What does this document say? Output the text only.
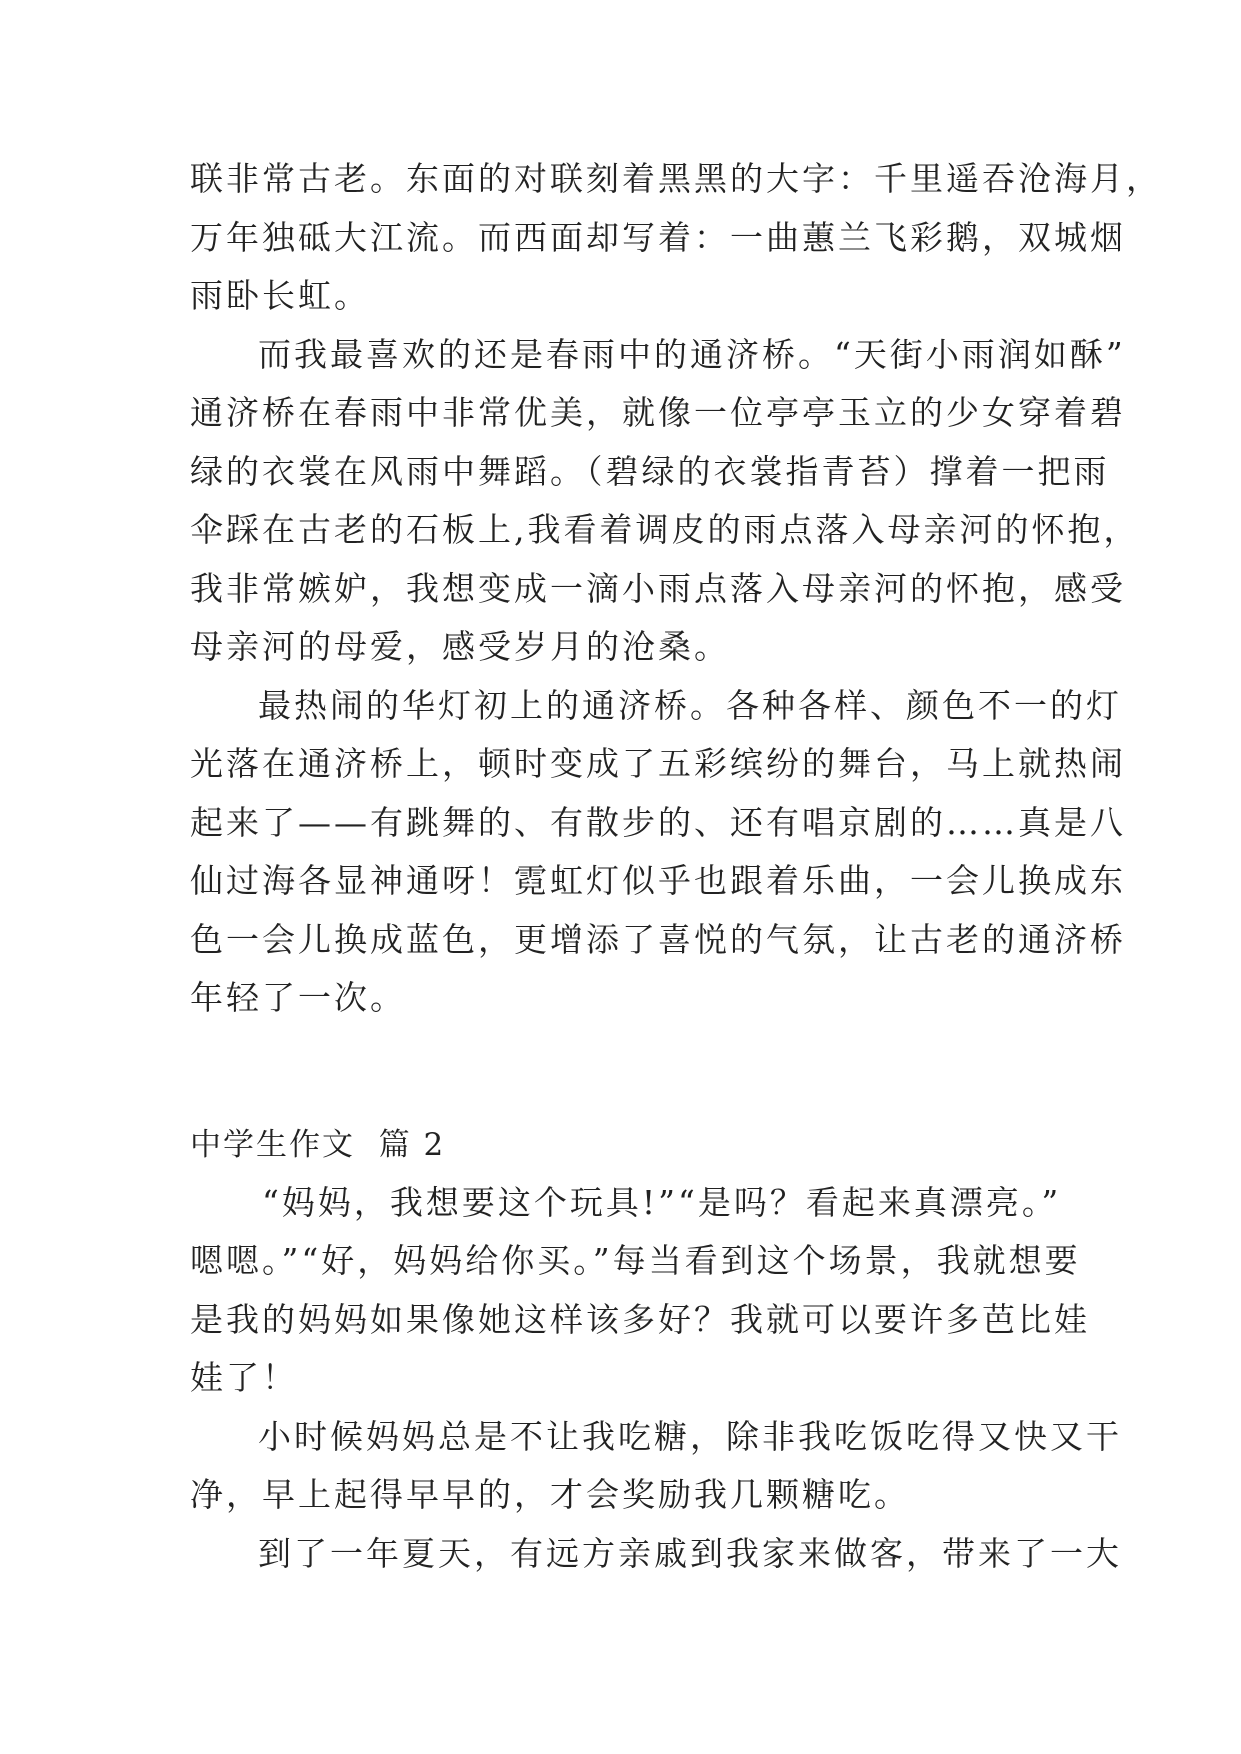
联非常古老。东面的对联刻着黑黑的大字：千里遥吞沧海月，
万年独砥大江流。而西面却写着：一曲蕙兰飞彩鹅，双城烟
雨卧长虹。
而我最喜欢的还是春雨中的通济桥。“天街小雨润如酥”
通济桥在春雨中非常优美，就像一位亭亭玉立的少女穿着碧
绿的衣裳在风雨中舞蹈。（碧绿的衣裳指青苔）撑着一把雨
伞踩在古老的石板上,我看着调皮的雨点落入母亲河的怀抱，
我非常嫉妒，我想变成一滴小雨点落入母亲河的怀抱，感受
母亲河的母爱，感受岁月的沧桑。
最热闹的华灯初上的通济桥。各种各样、颜色不一的灯
光落在通济桥上，顿时变成了五彩缤纷的舞台，马上就热闹
起来了——有跳舞的、有散步的、还有唱京剧的……真是八
仙过海各显神通呀！霓虹灯似乎也跟着乐曲，一会儿换成东
色一会儿换成蓝色，更增添了喜悦的气氛，让古老的通济桥
年轻了一次。
中学生作文  篇 2
“妈妈，我想要这个玩具!”“是吗？看起来真漂亮。”
嗯嗯。”“好，妈妈给你买。”每当看到这个场景，我就想要
是我的妈妈如果像她这样该多好？我就可以要许多芭比娃
娃了！
小时候妈妈总是不让我吃糖，除非我吃饭吃得又快又干
净，早上起得早早的，才会奖励我几颗糖吃。
到了一年夏天，有远方亲戚到我家来做客，带来了一大
